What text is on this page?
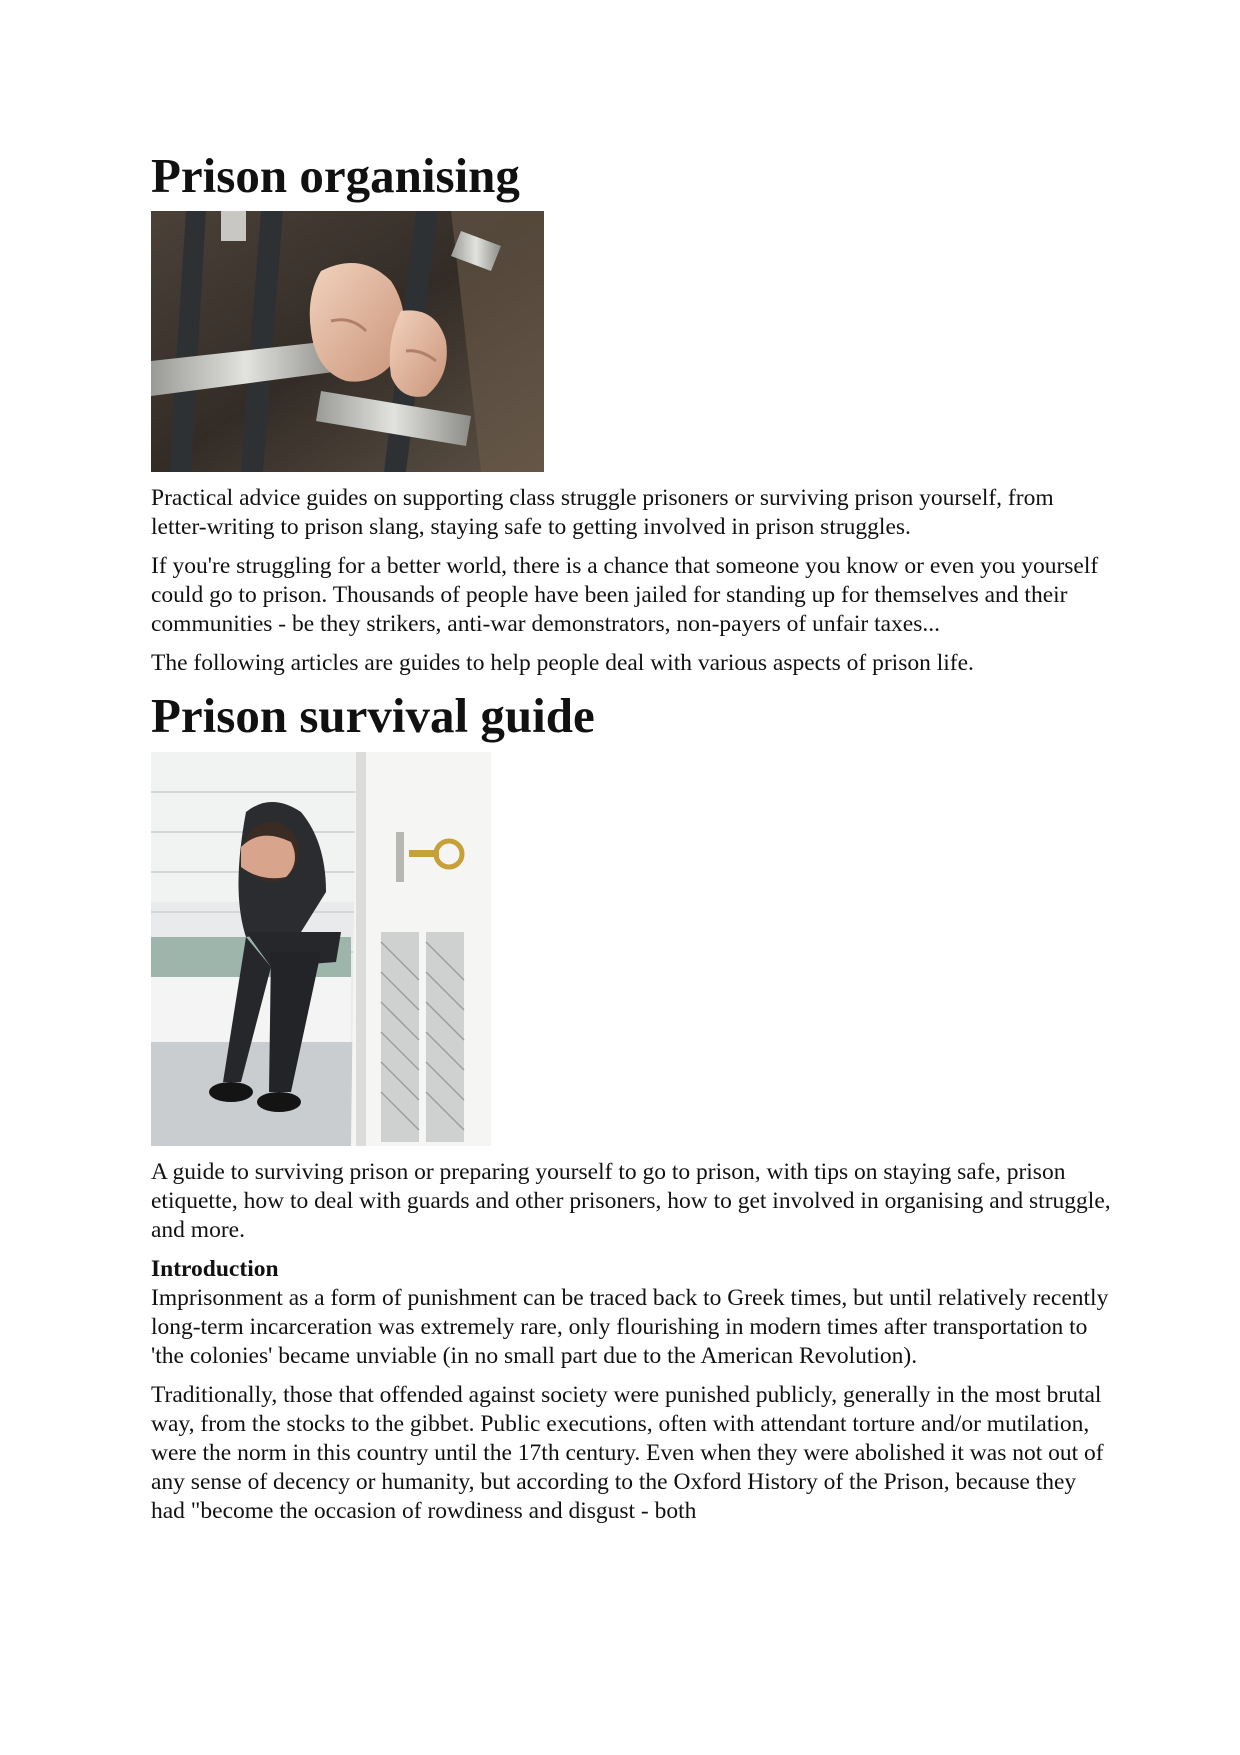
Prison organising

Practical advice guides on supporting class struggle prisoners or surviving prison yourself, from letter-writing to prison slang, staying safe to getting involved in prison struggles.

If you're struggling for a better world, there is a chance that someone you know or even you yourself could go to prison. Thousands of people have been jailed for standing up for themselves and their communities - be they strikers, anti-war demonstrators, non-payers of unfair taxes...

The following articles are guides to help people deal with various aspects of prison life.

Prison survival guide

A guide to surviving prison or preparing yourself to go to prison, with tips on staying safe, prison etiquette, how to deal with guards and other prisoners, how to get involved in organising and struggle, and more.

Introduction

Imprisonment as a form of punishment can be traced back to Greek times, but until relatively recently long-term incarceration was extremely rare, only flourishing in modern times after transportation to 'the colonies' became unviable (in no small part due to the American Revolution).

Traditionally, those that offended against society were punished publicly, generally in the most brutal way, from the stocks to the gibbet. Public executions, often with attendant torture and/or mutilation, were the norm in this country until the 17th century. Even when they were abolished it was not out of any sense of decency or humanity, but according to the Oxford History of the Prison, because they had "become the occasion of rowdiness and disgust - both
